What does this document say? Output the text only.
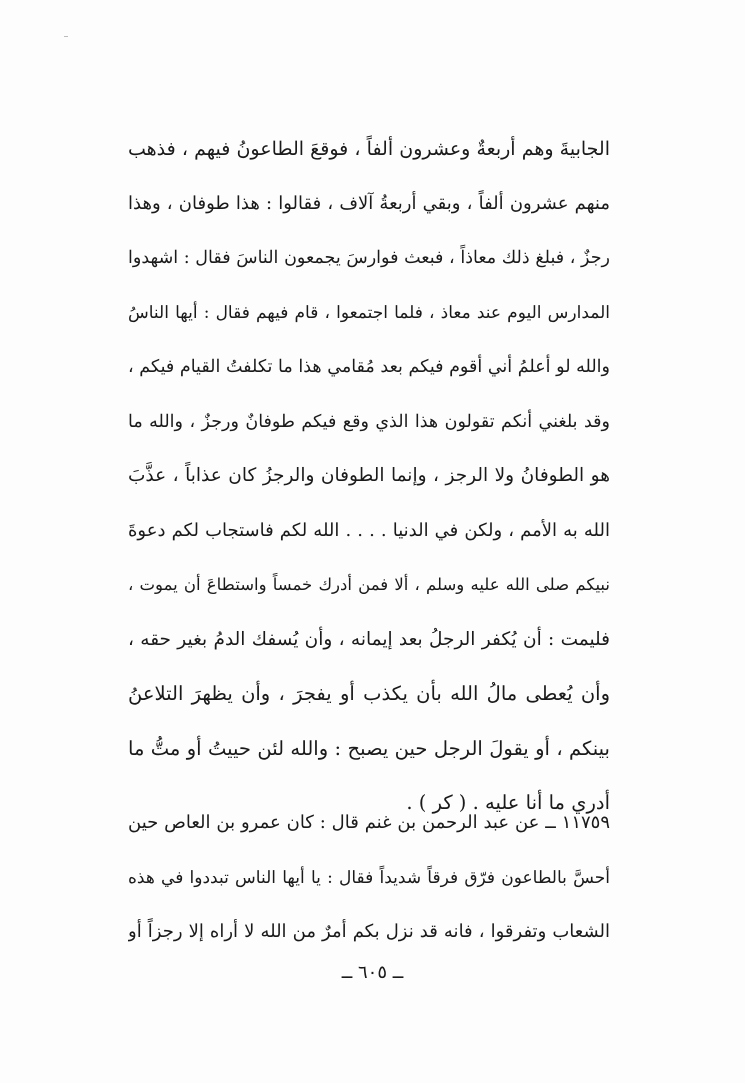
الجابيةَ وهم أربعةٌ وعشرون ألفاً ، فوقعَ الطاعونُ فيهم ، فذهب
منهم عشرون ألفاً ، وبقي أربعةُ آلاف ، فقالوا : هذا طوفان ، وهذا
رجزٌ ، فبلغ ذلك معاذاً ، فبعث فوارسَ يجمعون الناسَ فقال : اشهدوا
المدارس اليوم عند معاذ ، فلما اجتمعوا ، قام فيهم فقال : أيها الناسُ
والله لو أعلمُ أني أقوم فيكم بعد مُقامي هذا ما تكلفتُ القيام فيكم ،
وقد بلغني أنكم تقولون هذا الذي وقع فيكم طوفانٌ ورجزٌ ، والله ما
هو الطوفانُ ولا الرجز ، وإنما الطوفان والرجزُ كان عذاباً ، عذَّبَ
الله به الأمم ، ولكن في الدنيا . . . . الله لكم فاستجاب لكم دعوةَ
نبيكم صلى الله عليه وسلم ، ألا فمن أدرك خمساً واستطاعَ أن يموت ،
فليمت : أن يُكفر الرجلُ بعد إيمانه ، وأن يُسفك الدمُ بغير حقه ،
وأن يُعطى مالُ الله بأن يكذب أو يفجرَ ، وأن يظهرَ التلاعنُ
بينكم ، أو يقولَ الرجل حين يصبح : والله لئن حييتُ أو متُّ ما
أدري ما أنا عليه . ( كر ) .
١١٧٥٩ ــ عن عبد الرحمن بن غنم قال : كان عمرو بن العاص حين
أحسَّ بالطاعون فرّق فرقاً شديداً فقال : يا أيها الناس تبددوا في هذه
الشعاب وتفرقوا ، فانه قد نزل بكم أمرٌ من الله لا أراه إلا رجزاً أو
ــ ٦٠٥ ــ
